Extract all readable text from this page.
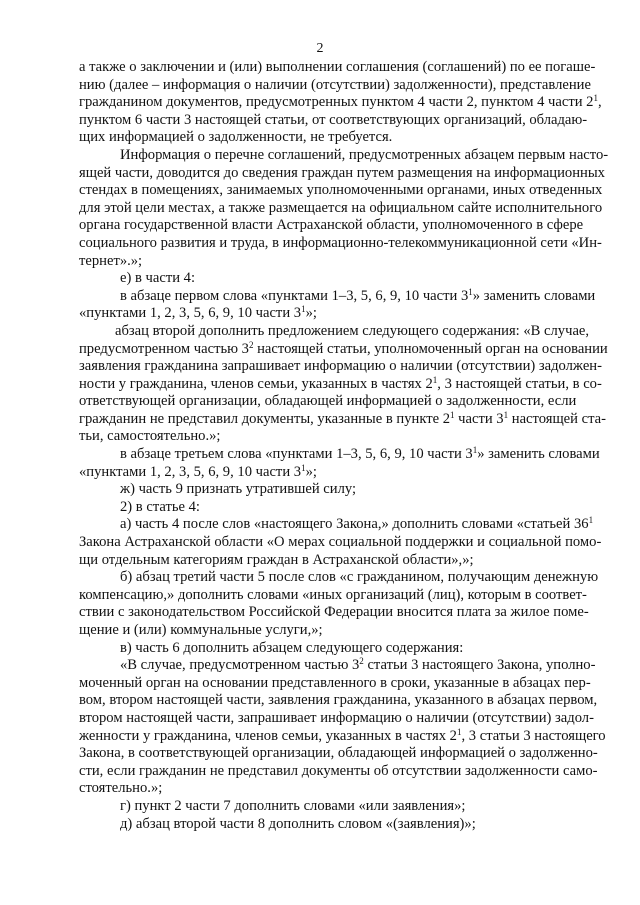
2
а также о заключении и (или) выполнении соглашения (соглашений) по ее погаше-
нию (далее – информация о наличии (отсутствии) задолженности), представление
гражданином документов, предусмотренных пунктом 4 части 2, пунктом 4 части $2^1$,
пунктом 6 части 3 настоящей статьи, от соответствующих организаций, обладаю-
щих информацией о задолженности, не требуется.
Информация о перечне соглашений, предусмотренных абзацем первым насто-
ящей части, доводится до сведения граждан путем размещения на информационных
стендах в помещениях, занимаемых уполномоченными органами, иных отведенных
для этой цели местах, а также размещается на официальном сайте исполнительного
органа государственной власти Астраханской области, уполномоченного в сфере
социального развития и труда, в информационно-телекоммуникационной сети «Ин-
тернет».»;
е) в части 4:
в абзаце первом слова «пунктами 1–3, 5, 6, 9, 10 части $3^1$» заменить словами
«пунктами 1, 2, 3, 5, 6, 9, 10 части $3^1$»;
абзац второй дополнить предложением следующего содержания: «В случае,
предусмотренном частью $3^2$ настоящей статьи, уполномоченный орган на основании
заявления гражданина запрашивает информацию о наличии (отсутствии) задолжен-
ности у гражданина, членов семьи, указанных в частях $2^1$, 3 настоящей статьи, в со-
ответствующей организации, обладающей информацией о задолженности, если
гражданин не представил документы, указанные в пункте $2^1$ части $3^1$ настоящей ста-
тьи, самостоятельно.»;
в абзаце третьем слова «пунктами 1–3, 5, 6, 9, 10 части $3^1$» заменить словами
«пунктами 1, 2, 3, 5, 6, 9, 10 части $3^1$»;
ж) часть 9 признать утратившей силу;
2) в статье 4:
а) часть 4 после слов «настоящего Закона,» дополнить словами «статьей $36^1$
Закона Астраханской области «О мерах социальной поддержки и социальной помо-
щи отдельным категориям граждан в Астраханской области»,»;
б) абзац третий части 5 после слов «с гражданином, получающим денежную
компенсацию,» дополнить словами «иных организаций (лиц), которым в соответ-
ствии с законодательством Российской Федерации вносится плата за жилое поме-
щение и (или) коммунальные услуги,»;
в) часть 6 дополнить абзацем следующего содержания:
«В случае, предусмотренном частью $3^2$ статьи 3 настоящего Закона, уполно-
моченный орган на основании представленного в сроки, указанные в абзацах пер-
вом, втором настоящей части, заявления гражданина, указанного в абзацах первом,
втором настоящей части, запрашивает информацию о наличии (отсутствии) задол-
женности у гражданина, членов семьи, указанных в частях $2^1$, 3 статьи 3 настоящего
Закона, в соответствующей организации, обладающей информацией о задолженно-
сти, если гражданин не представил документы об отсутствии задолженности само-
стоятельно.»;
г) пункт 2 части 7 дополнить словами «или заявления»;
д) абзац второй части 8 дополнить словом «(заявления)»;
